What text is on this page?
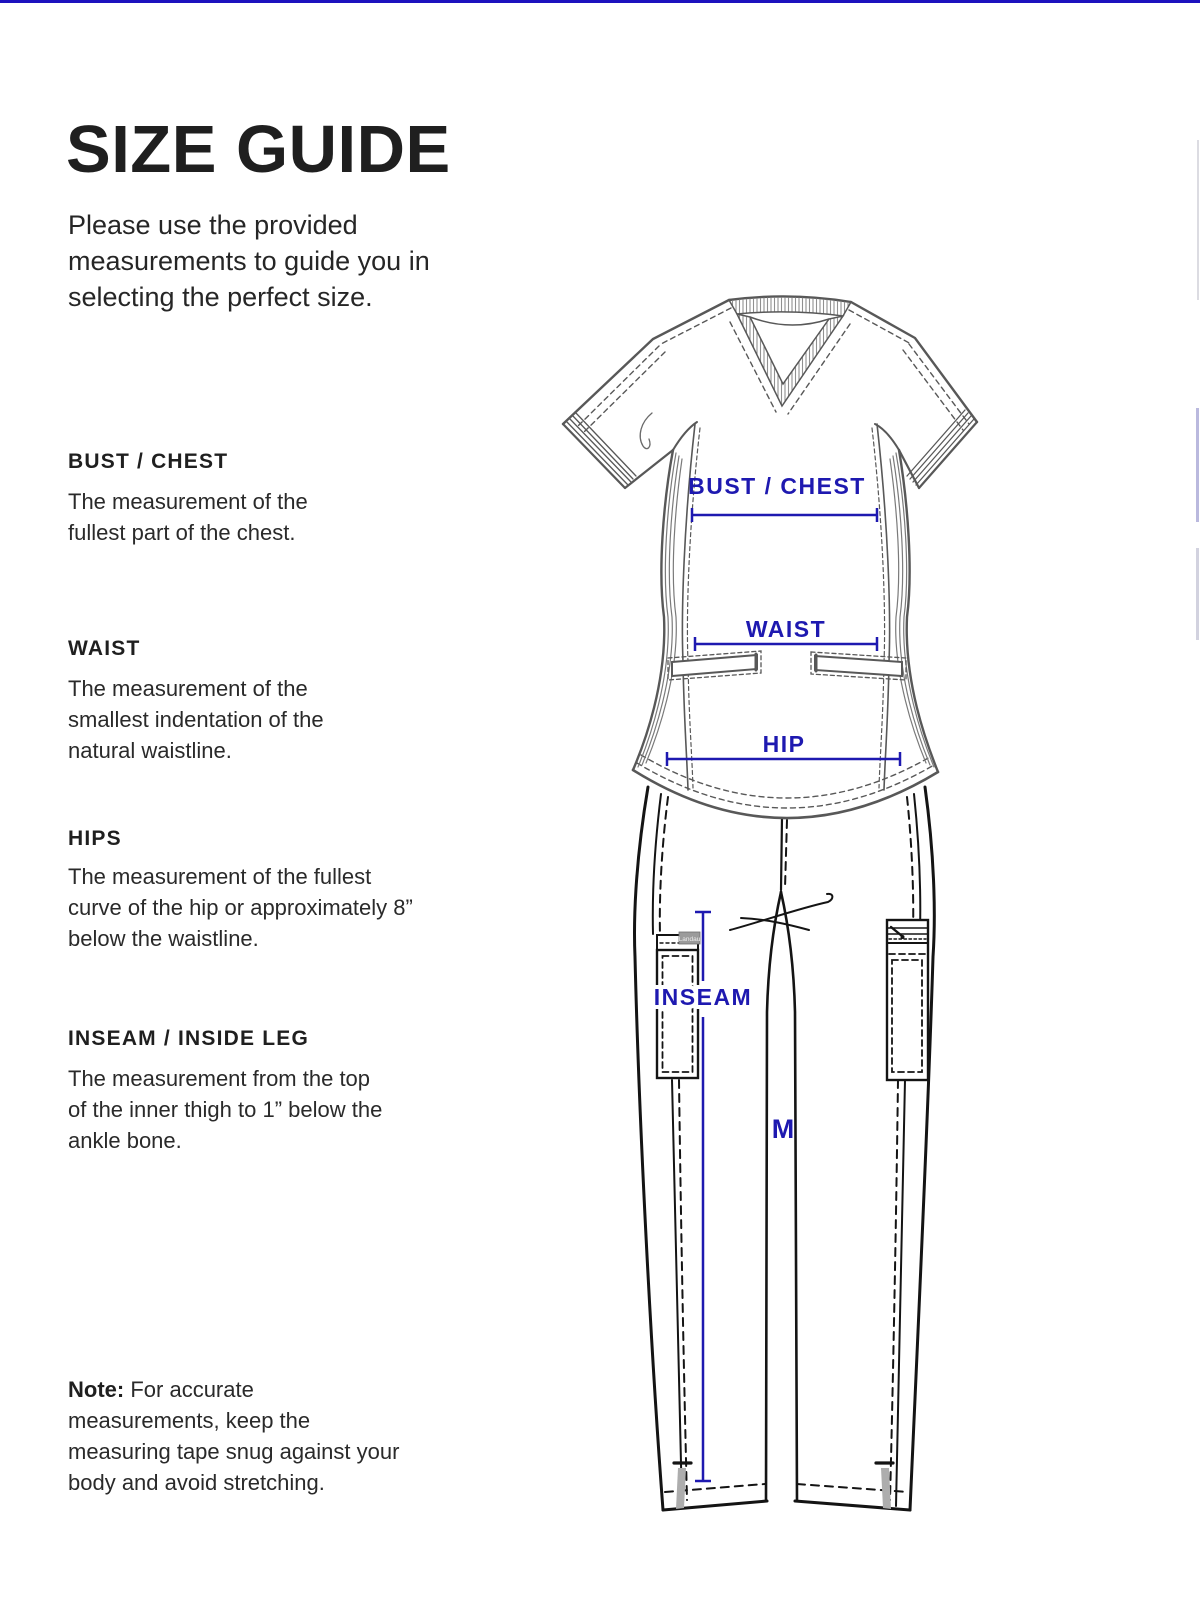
SIZE GUIDE

Please use the provided measurements to guide you in selecting the perfect size.

BUST / CHEST
The measurement of the fullest part of the chest.
WAIST
The measurement of the smallest indentation of the natural waistline.
HIPS
The measurement of the fullest curve of the hip or approximately 8” below the waistline.
INSEAM / INSIDE LEG
The measurement from the top of the inner thigh to 1” below the ankle bone.
Note: For accurate measurements, keep the measuring tape snug against your body and avoid stretching.
Landau
BUST / CHEST
WAIST
HIP
INSEAM
M
